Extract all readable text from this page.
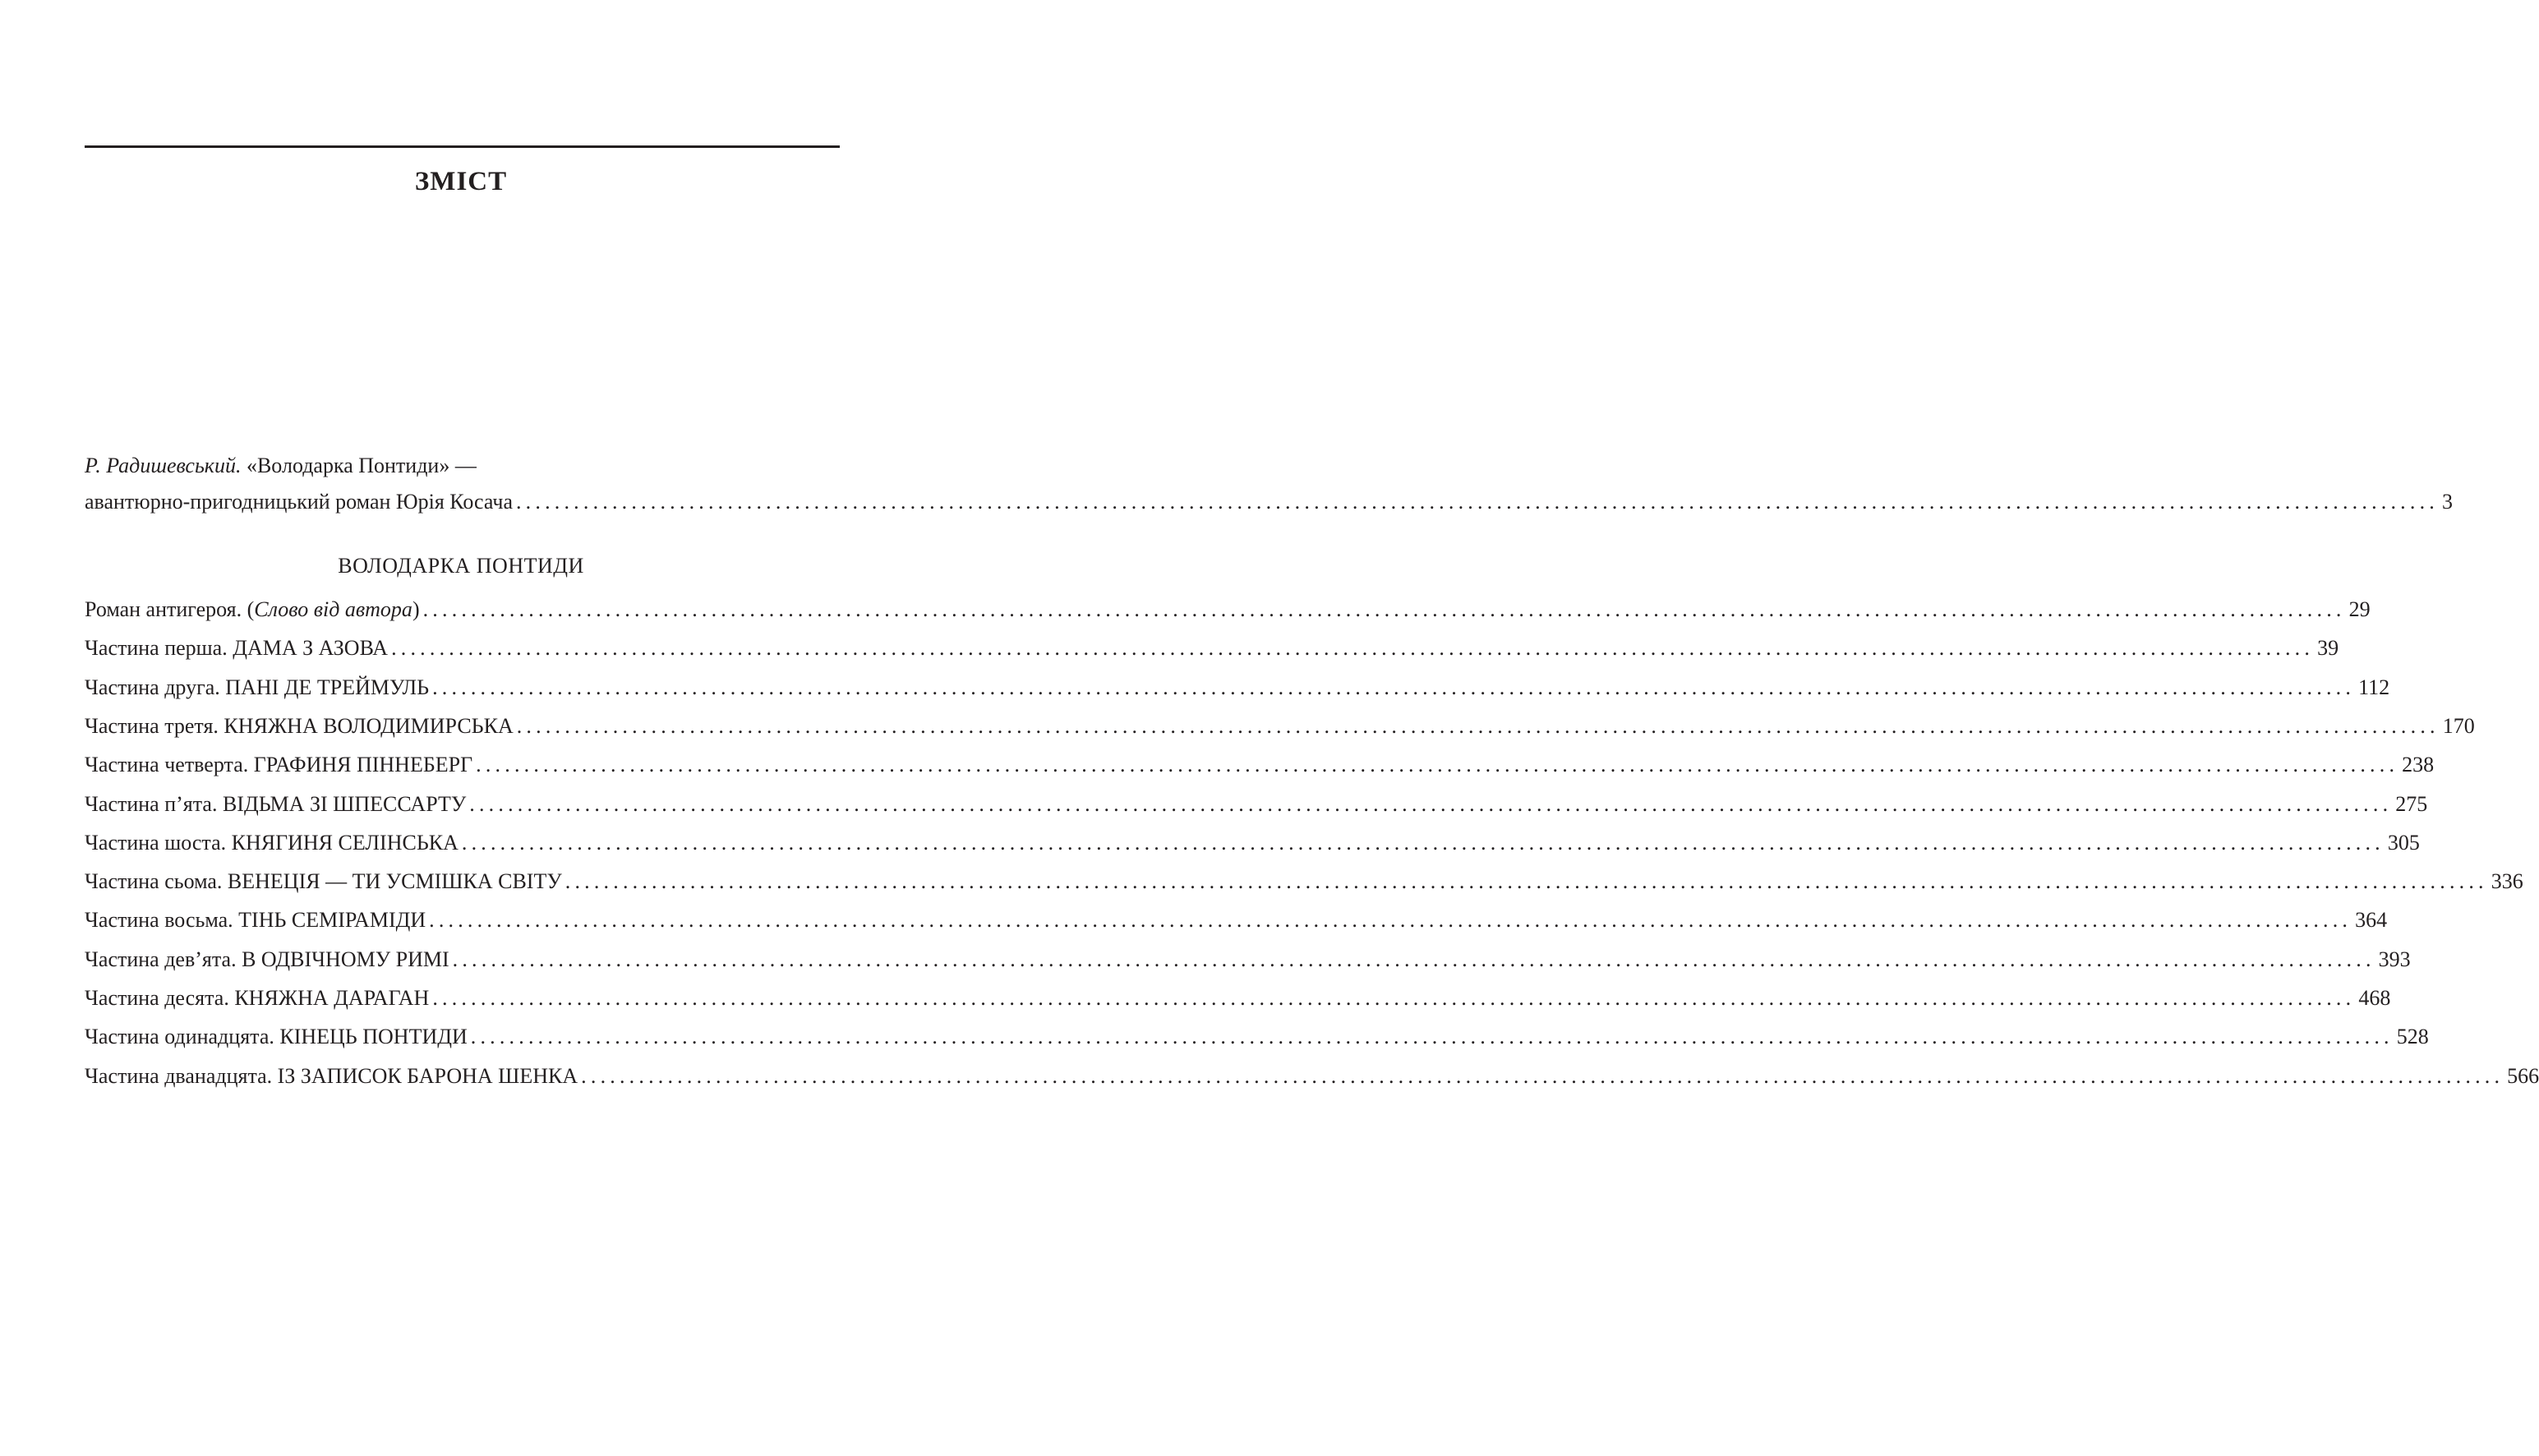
ЗМІСТ
Р. Радишевський. «Володарка Понтиди» —
авантюрно-пригодницький роман Юрія Косача ........................................................................................................................................................................................................ 3
ВОЛОДАРКА ПОНТИДИ
Роман антигероя. (Слово від автора) ........................................................................................................................................................................................................ 29
Частина перша. ДАМА З АЗОВА ........................................................................................................................................................................................................ 39
Частина друга. ПАНІ ДЕ ТРЕЙМУЛЬ ........................................................................................................................................................................................................ 112
Частина третя. КНЯЖНА ВОЛОДИМИРСЬКА ........................................................................................................................................................................................................ 170
Частина четверта. ГРАФИНЯ ПІННЕБЕРГ ........................................................................................................................................................................................................ 238
Частина п’ята. ВІДЬМА ЗІ ШПЕССАРТУ ........................................................................................................................................................................................................ 275
Частина шоста. КНЯГИНЯ СЕЛІНСЬКА ........................................................................................................................................................................................................ 305
Частина сьома. ВЕНЕЦІЯ — ТИ УСМІШКА СВІТУ ........................................................................................................................................................................................................ 336
Частина восьма. ТІНЬ СЕМІРАМІДИ ........................................................................................................................................................................................................ 364
Частина дев’ята. В ОДВІЧНОМУ РИМІ ........................................................................................................................................................................................................ 393
Частина десята. КНЯЖНА ДАРАГАН ........................................................................................................................................................................................................ 468
Частина одинадцята. КІНЕЦЬ ПОНТИДИ ........................................................................................................................................................................................................ 528
Частина дванадцята. ІЗ ЗАПИСОК БАРОНА ШЕНКА ........................................................................................................................................................................................................ 566
